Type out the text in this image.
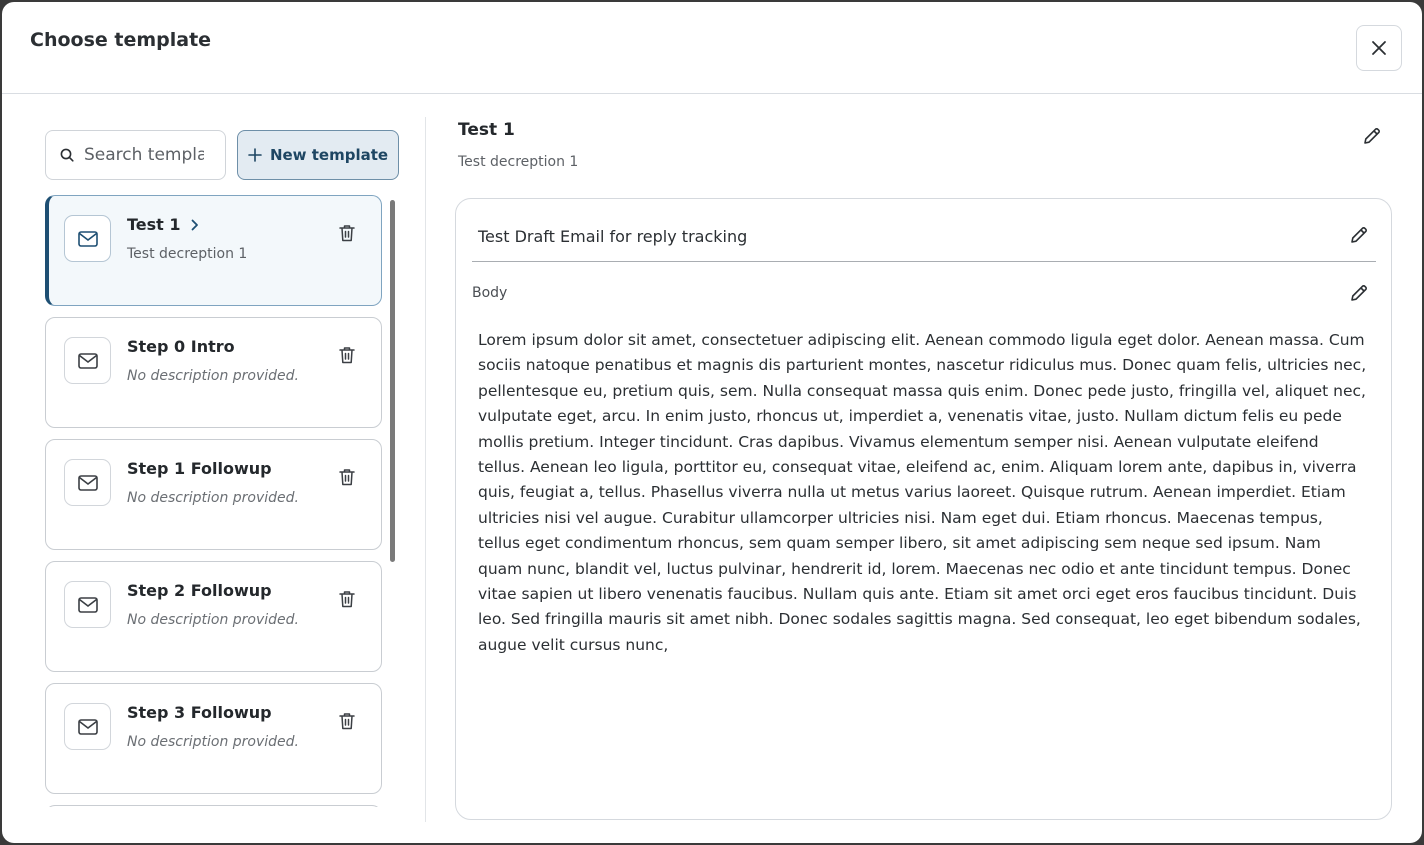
Choose template
Search templat
New template
Test 1
Test decreption 1
Step 0 Intro
No description provided.
Step 1 Followup
No description provided.
Step 2 Followup
No description provided.
Step 3 Followup
No description provided.
Test 1
Test decreption 1
Test Draft Email for reply tracking
Body
Lorem ipsum dolor sit amet, consectetuer adipiscing elit. Aenean commodo ligula eget dolor. Aenean massa. Cum sociis natoque penatibus et magnis dis parturient montes, nascetur ridiculus mus. Donec quam felis, ultricies nec, pellentesque eu, pretium quis, sem. Nulla consequat massa quis enim. Donec pede justo, fringilla vel, aliquet nec, vulputate eget, arcu. In enim justo, rhoncus ut, imperdiet a, venenatis vitae, justo. Nullam dictum felis eu pede mollis pretium. Integer tincidunt. Cras dapibus. Vivamus elementum semper nisi. Aenean vulputate eleifend tellus. Aenean leo ligula, porttitor eu, consequat vitae, eleifend ac, enim. Aliquam lorem ante, dapibus in, viverra quis, feugiat a, tellus. Phasellus viverra nulla ut metus varius laoreet. Quisque rutrum. Aenean imperdiet. Etiam ultricies nisi vel augue. Curabitur ullamcorper ultricies nisi. Nam eget dui. Etiam rhoncus. Maecenas tempus, tellus eget condimentum rhoncus, sem quam semper libero, sit amet adipiscing sem neque sed ipsum. Nam quam nunc, blandit vel, luctus pulvinar, hendrerit id, lorem. Maecenas nec odio et ante tincidunt tempus. Donec vitae sapien ut libero venenatis faucibus. Nullam quis ante. Etiam sit amet orci eget eros faucibus tincidunt. Duis leo. Sed fringilla mauris sit amet nibh. Donec sodales sagittis magna. Sed consequat, leo eget bibendum sodales, augue velit cursus nunc,
